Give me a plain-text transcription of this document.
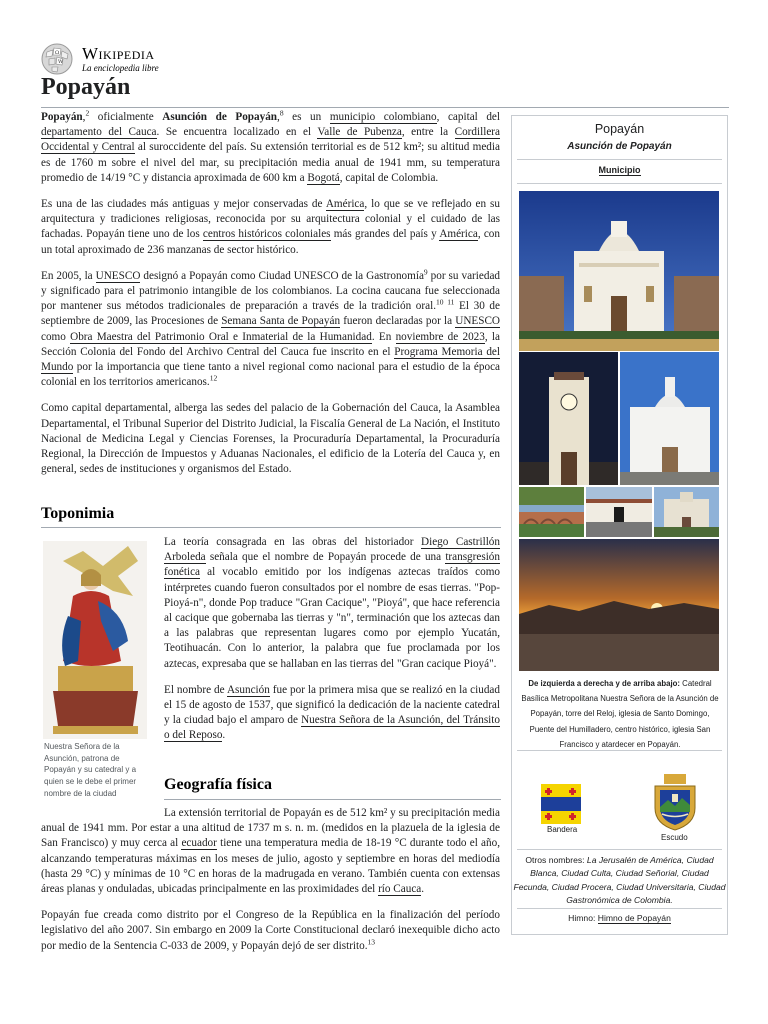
Ω
W Wikipedia
La enciclopedia libre
Popayán

Popayán,$^2$ oficialmente Asunción de Popayán,$^8$ es un municipio colombiano, capital del departamento del Cauca. Se encuentra localizado en el Valle de Pubenza, entre la Cordillera Occidental y Central al suroccidente del país. Su extensión territorial es de 512 km²; su altitud media es de 1760 m sobre el nivel del mar, su precipitación media anual de 1941 mm, su temperatura promedio de 14/19 °C y distancia aproximada de 600 km a Bogotá, capital de Colombia.

Es una de las ciudades más antiguas y mejor conservadas de América, lo que se ve reflejado en su arquitectura y tradiciones religiosas, reconocida por su arquitectura colonial y el cuidado de las fachadas. Popayán tiene uno de los centros históricos coloniales más grandes del país y América, con un total aproximado de 236 manzanas de sector histórico.

En 2005, la UNESCO designó a Popayán como Ciudad UNESCO de la Gastronomía$^9$ por su variedad y significado para el patrimonio intangible de los colombianos. La cocina caucana fue seleccionada por mantener sus métodos tradicionales de preparación a través de la tradición oral.$^{10 11}$ El 30 de septiembre de 2009, las Procesiones de Semana Santa de Popayán fueron declaradas por la UNESCO como Obra Maestra del Patrimonio Oral e Inmaterial de la Humanidad. En noviembre de 2023, la Sección Colonia del Fondo del Archivo Central del Cauca fue inscrito en el Programa Memoria del Mundo por la importancia que tiene tanto a nivel regional como nacional para el estudio de la época colonial en los territorios americanos.$^{12}$

Como capital departamental, alberga las sedes del palacio de la Gobernación del Cauca, la Asamblea Departamental, el Tribunal Superior del Distrito Judicial, la Fiscalía General de La Nación, el Instituto Nacional de Medicina Legal y Ciencias Forenses, la Procuraduría Departamental, la Procuraduría Regional, la Dirección de Impuestos y Aduanas Nacionales, el edificio de la Lotería del Cauca y, en general, sedes de instituciones y organismos del Estado.

Popayán
Asunción de Popayán
Municipio
De izquierda a derecha y de arriba abajo: Catedral Basílica Metropolitana Nuestra Señora de la Asunción de Popayán, torre del Reloj, iglesia de Santo Domingo, Puente del Humilladero, centro histórico, iglesia San Francisco y atardecer en Popayán.
Bandera
Escudo
Otros nombres: La Jerusalén de América, Ciudad Blanca, Ciudad Culta, Ciudad Señorial, Ciudad Fecunda, Ciudad Procera, Ciudad Universitaria, Ciudad Gastronómica de Colombia.
Himno: Himno de Popayán
Toponimia
Nuestra Señora de la Asunción, patrona de Popayán y su catedral y a quien se le debe el primer nombre de la ciudad

La teoría consagrada en las obras del historiador Diego Castrillón Arboleda señala que el nombre de Popayán procede de una transgresión fonética al vocablo emitido por los indígenas aztecas traídos como intérpretes cuando fueron consultados por el nombre de esas tierras. "Pop-Pioyá-n", donde Pop traduce "Gran Cacique", "Pioyá", que hace referencia al cacique que gobernaba las tierras y "n", terminación que los aztecas dan a las palabras que representan lugares como por ejemplo Yucatán, Teotihuacán. Con lo anterior, la palabra que fue proclamada por los aztecas, expresaba que se hallaban en las tierras del "Gran cacique Pioyá".

El nombre de Asunción fue por la primera misa que se realizó en la ciudad el 15 de agosto de 1537, que significó la dedicación de la naciente catedral y la ciudad bajo el amparo de Nuestra Señora de la Asunción, del Tránsito o del Reposo.

Geografía física

La extensión territorial de Popayán es de 512 km² y su precipitación media anual de 1941 mm. Por estar a una altitud de 1737 m s. n. m. (medidos en la plazuela de la iglesia de San Francisco) y muy cerca al ecuador tiene una temperatura media de 18-19 °C durante todo el año, alcanzando temperaturas máximas en los meses de julio, agosto y septiembre en horas del mediodía (hasta 29 °C) y mínimas de 10 °C en horas de la madrugada en verano. También cuenta con extensas áreas planas y onduladas, ubicadas principalmente en las proximidades del río Cauca.

Popayán fue creada como distrito por el Congreso de la República en la finalización del período legislativo del año 2007. Sin embargo en 2009 la Corte Constitucional declaró inexequible dicho acto por medio de la Sentencia C-033 de 2009, y Popayán dejó de ser distrito.$^{13}$
